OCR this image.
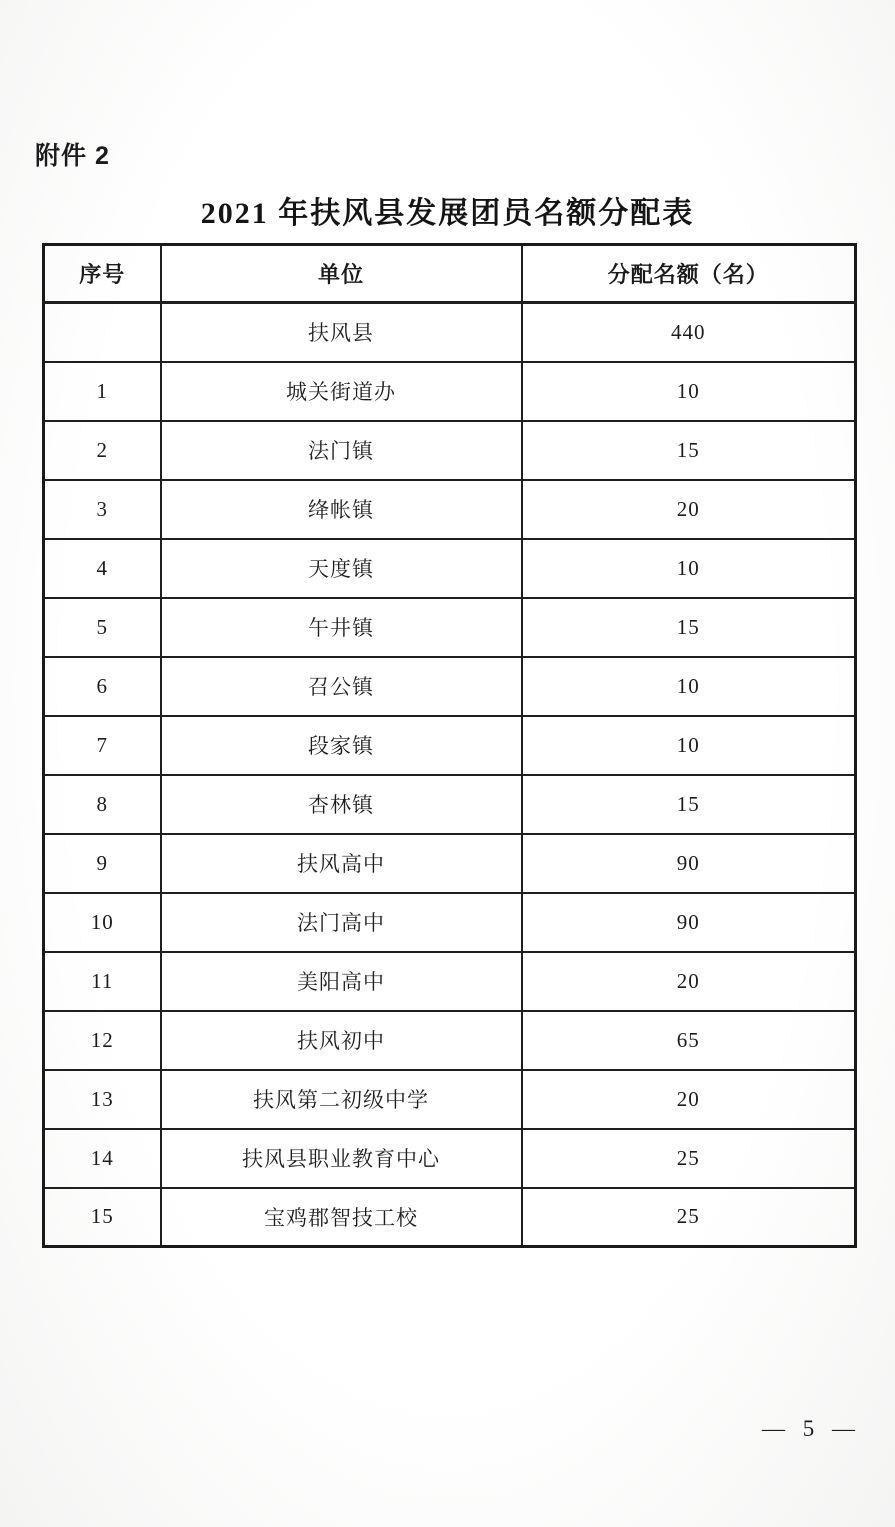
附件 2
2021 年扶风县发展团员名额分配表
序号	单位	分配名额（名）
	扶风县	440
1	城关街道办	10
2	法门镇	15
3	绛帐镇	20
4	天度镇	10
5	午井镇	15
6	召公镇	10
7	段家镇	10
8	杏林镇	15
9	扶风高中	90
10	法门高中	90
11	美阳高中	20
12	扶风初中	65
13	扶风第二初级中学	20
14	扶风县职业教育中心	25
15	宝鸡郡智技工校	25
— 5 —
